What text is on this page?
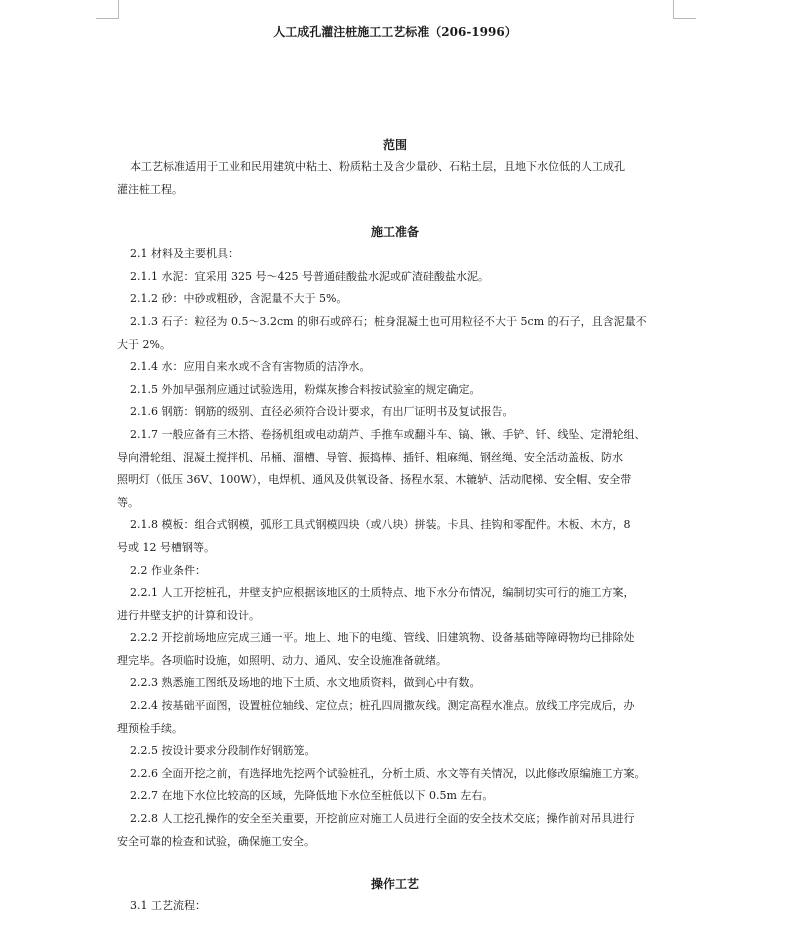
人工成孔灌注桩施工工艺标准（206-1996）
范围

本工艺标准适用于工业和民用建筑中粘土、粉质粘土及含少量砂、石粘土层，且地下水位低的人工成孔

灌注桩工程。

施工准备

2.1 材料及主要机具：

2.1.1 水泥：宜采用 325 号～425 号普通硅酸盐水泥或矿渣硅酸盐水泥。

2.1.2 砂：中砂或粗砂，含泥量不大于 5%。

2.1.3 石子：粒径为 0.5～3.2cm 的卵石或碎石；桩身混凝土也可用粒径不大于 5cm 的石子，且含泥量不

大于 2%。

2.1.4 水：应用自来水或不含有害物质的洁净水。

2.1.5 外加早强剂应通过试验选用，粉煤灰掺合料按试验室的规定确定。

2.1.6 钢筋：钢筋的级别、直径必须符合设计要求，有出厂证明书及复试报告。

2.1.7 一般应备有三木搭、卷扬机组或电动葫芦、手推车或翻斗车、镐、锹、手铲、钎、线坠、定滑轮组、

导向滑轮组、混凝土搅拌机、吊桶、溜槽、导管、振捣棒、插钎、粗麻绳、钢丝绳、安全活动盖板、防水

照明灯（低压 36V、100W），电焊机、通风及供氧设备、扬程水泵、木辘轳、活动爬梯、安全帽、安全带

等。

2.1.8 模板：组合式钢模，弧形工具式钢模四块（或八块）拼装。卡具、挂钩和零配件。木板、木方，8

号或 12 号槽钢等。

2.2 作业条件：

2.2.1 人工开挖桩孔，井壁支护应根据该地区的土质特点、地下水分布情况，编制切实可行的施工方案，

进行井壁支护的计算和设计。

2.2.2 开挖前场地应完成三通一平。地上、地下的电缆、管线、旧建筑物、设备基础等障碍物均已排除处

理完毕。各项临时设施，如照明、动力、通风、安全设施准备就绪。

2.2.3 熟悉施工图纸及场地的地下土质、水文地质资料，做到心中有数。

2.2.4 按基础平面图，设置桩位轴线、定位点；桩孔四周撒灰线。测定高程水准点。放线工序完成后，办

理预检手续。

2.2.5 按设计要求分段制作好钢筋笼。

2.2.6 全面开挖之前，有选择地先挖两个试验桩孔，分析土质、水文等有关情况，以此修改原编施工方案。

2.2.7 在地下水位比较高的区域，先降低地下水位至桩低以下 0.5m 左右。

2.2.8 人工挖孔操作的安全至关重要，开挖前应对施工人员进行全面的安全技术交底；操作前对吊具进行

安全可靠的检查和试验，确保施工安全。

操作工艺

3.1 工艺流程：
